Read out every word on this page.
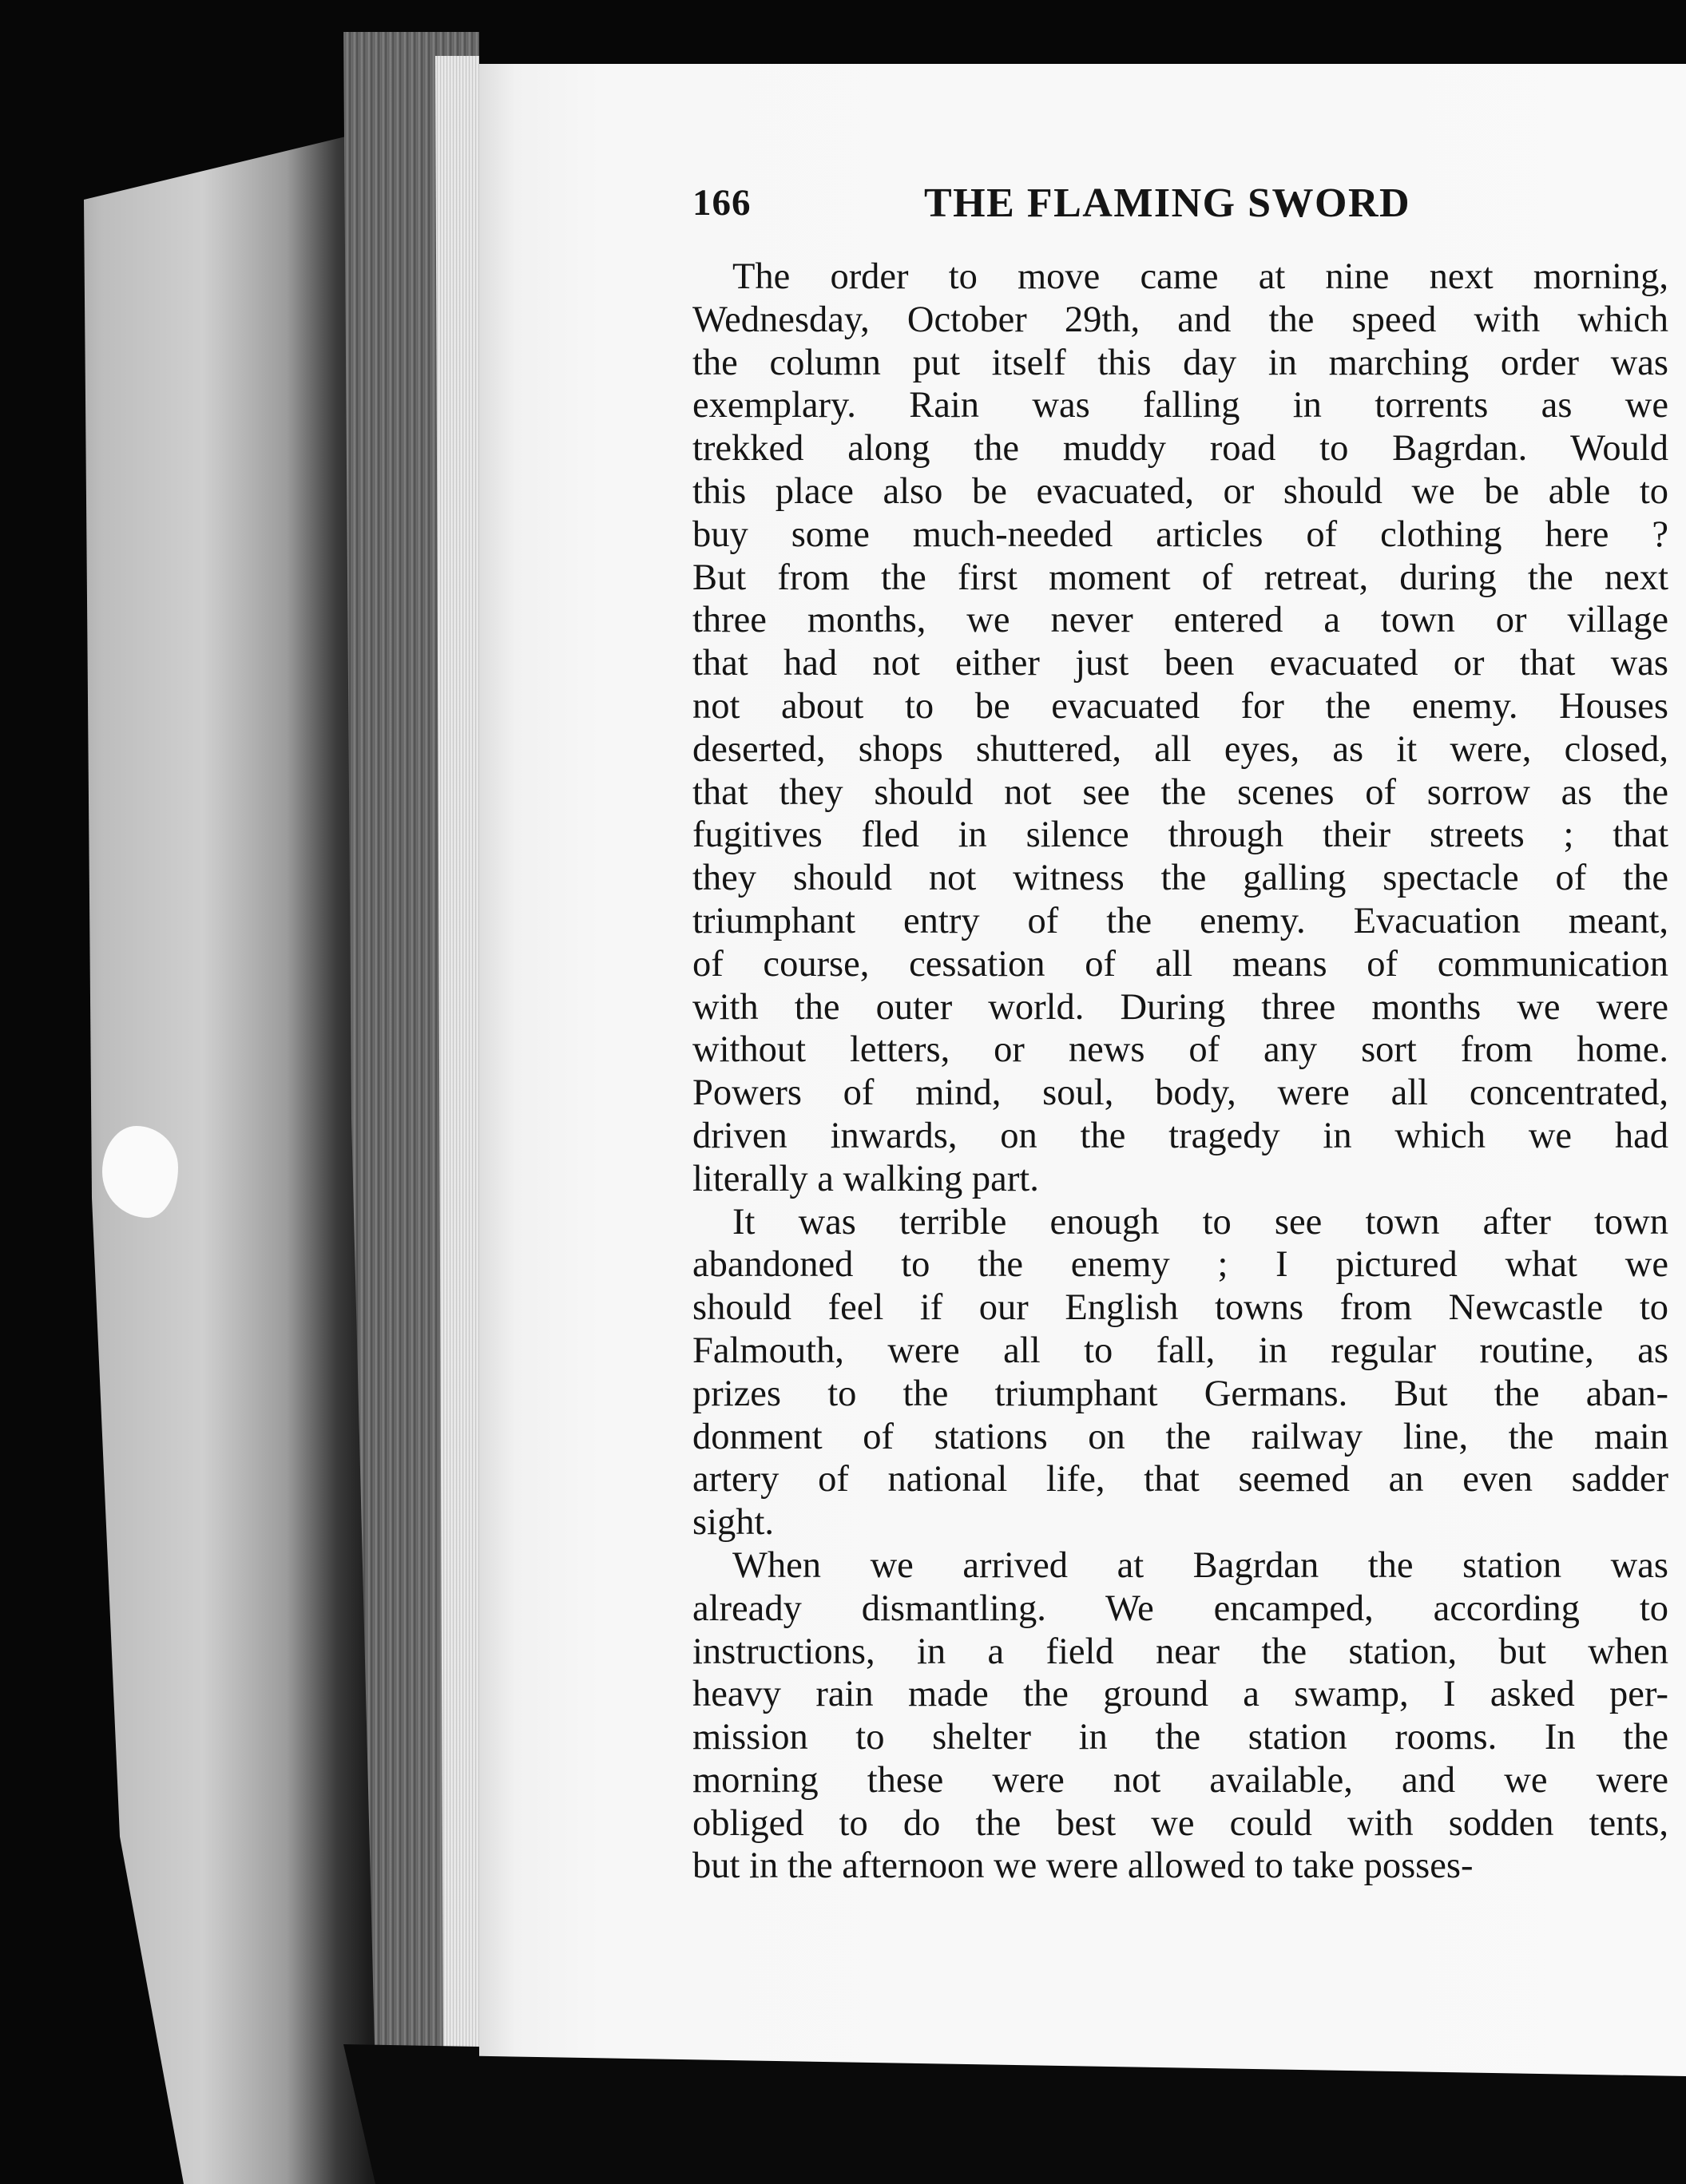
166	THE FLAMING SWORD
The order to move came at nine next morning,
Wednesday, October 29th, and the speed with which
the column put itself this day in marching order was
exemplary. Rain was falling in torrents as we
trekked along the muddy road to Bagrdan. Would
this place also be evacuated, or should we be able to
buy some much-needed articles of clothing here ?
But from the first moment of retreat, during the next
three months, we never entered a town or village
that had not either just been evacuated or that was
not about to be evacuated for the enemy. Houses
deserted, shops shuttered, all eyes, as it were, closed,
that they should not see the scenes of sorrow as the
fugitives fled in silence through their streets ; that
they should not witness the galling spectacle of the
triumphant entry of the enemy. Evacuation meant,
of course, cessation of all means of communication
with the outer world. During three months we were
without letters, or news of any sort from home.
Powers of mind, soul, body, were all concentrated,
driven inwards, on the tragedy in which we had
literally a walking part.
It was terrible enough to see town after town
abandoned to the enemy ; I pictured what we
should feel if our English towns from Newcastle to
Falmouth, were all to fall, in regular routine, as
prizes to the triumphant Germans. But the aban-
donment of stations on the railway line, the main
artery of national life, that seemed an even sadder
sight.
When we arrived at Bagrdan the station was
already dismantling. We encamped, according to
instructions, in a field near the station, but when
heavy rain made the ground a swamp, I asked per-
mission to shelter in the station rooms. In the
morning these were not available, and we were
obliged to do the best we could with sodden tents,
but in the afternoon we were allowed to take posses-
